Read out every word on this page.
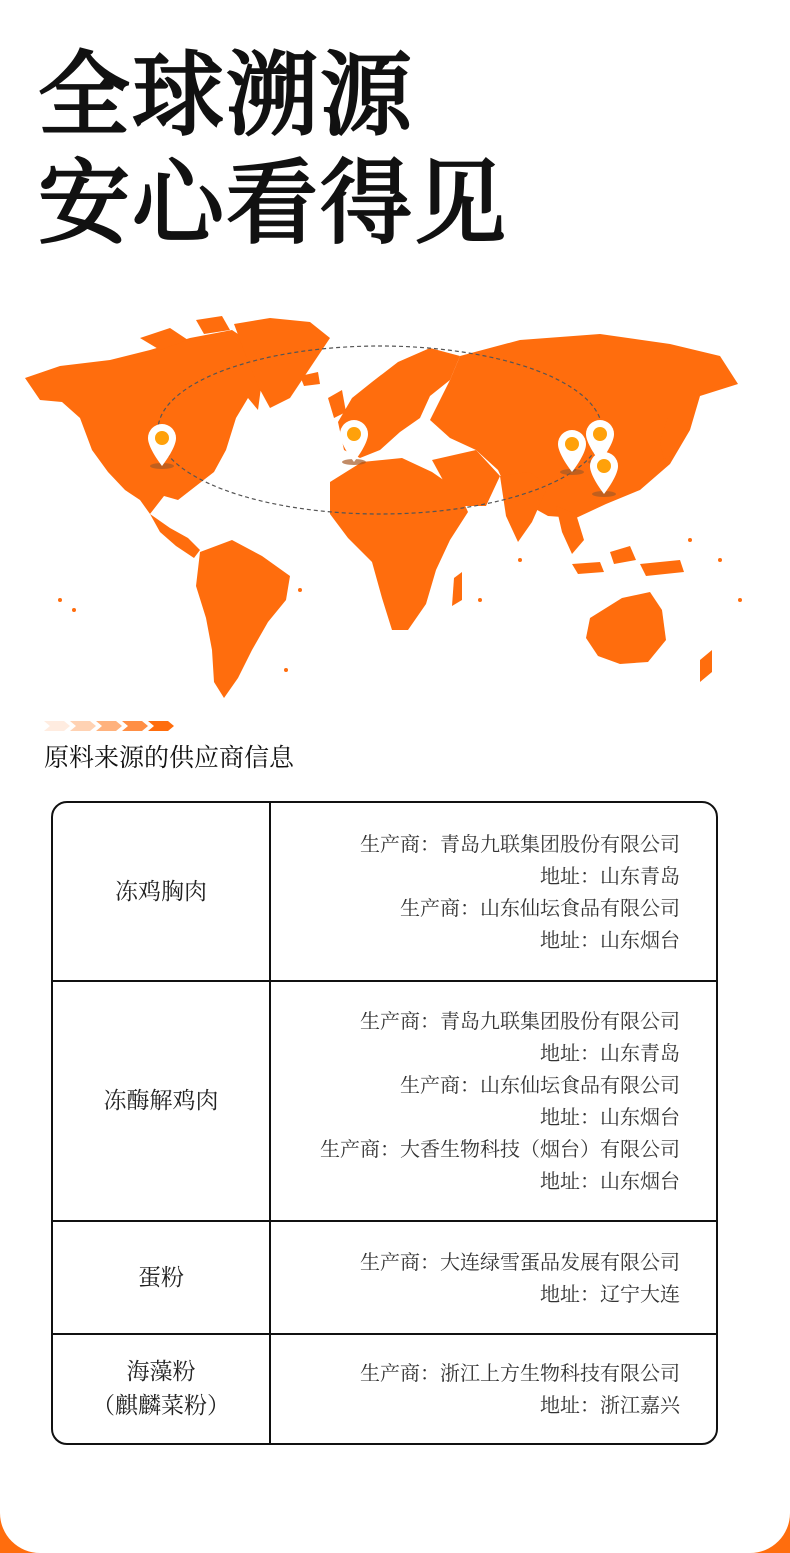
全球溯源
安心看得见
原料来源的供应商信息
冻鸡胸肉
生产商：青岛九联集团股份有限公司
地址：山东青岛
生产商：山东仙坛食品有限公司
地址：山东烟台
冻酶解鸡肉
生产商：青岛九联集团股份有限公司
地址：山东青岛
生产商：山东仙坛食品有限公司
地址：山东烟台
生产商：大香生物科技（烟台）有限公司
地址：山东烟台
蛋粉
生产商：大连绿雪蛋品发展有限公司
地址：辽宁大连
海藻粉
（麒麟菜粉）
生产商：浙江上方生物科技有限公司
地址：浙江嘉兴
